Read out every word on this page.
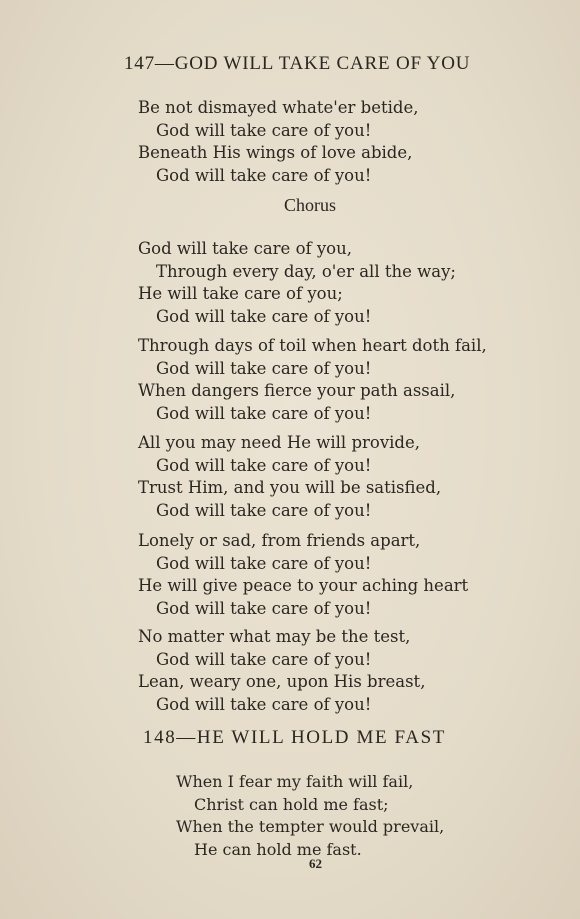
147—GOD WILL TAKE CARE OF YOU
Be not dismayed whate'er betide,
God will take care of you!
Beneath His wings of love abide,
God will take care of you!

Chorus

God will take care of you,
Through every day, o'er all the way;
He will take care of you;
God will take care of you!
Through days of toil when heart doth fail,
God will take care of you!
When dangers fierce your path assail,
God will take care of you!
All you may need He will provide,
God will take care of you!
Trust Him, and you will be satisfied,
God will take care of you!
Lonely or sad, from friends apart,
God will take care of you!
He will give peace to your aching heart
God will take care of you!
No matter what may be the test,
God will take care of you!
Lean, weary one, upon His breast,
God will take care of you!
148—HE WILL HOLD ME FAST
When I fear my faith will fail,
Christ can hold me fast;
When the tempter would prevail,
He can hold me fast.
62
